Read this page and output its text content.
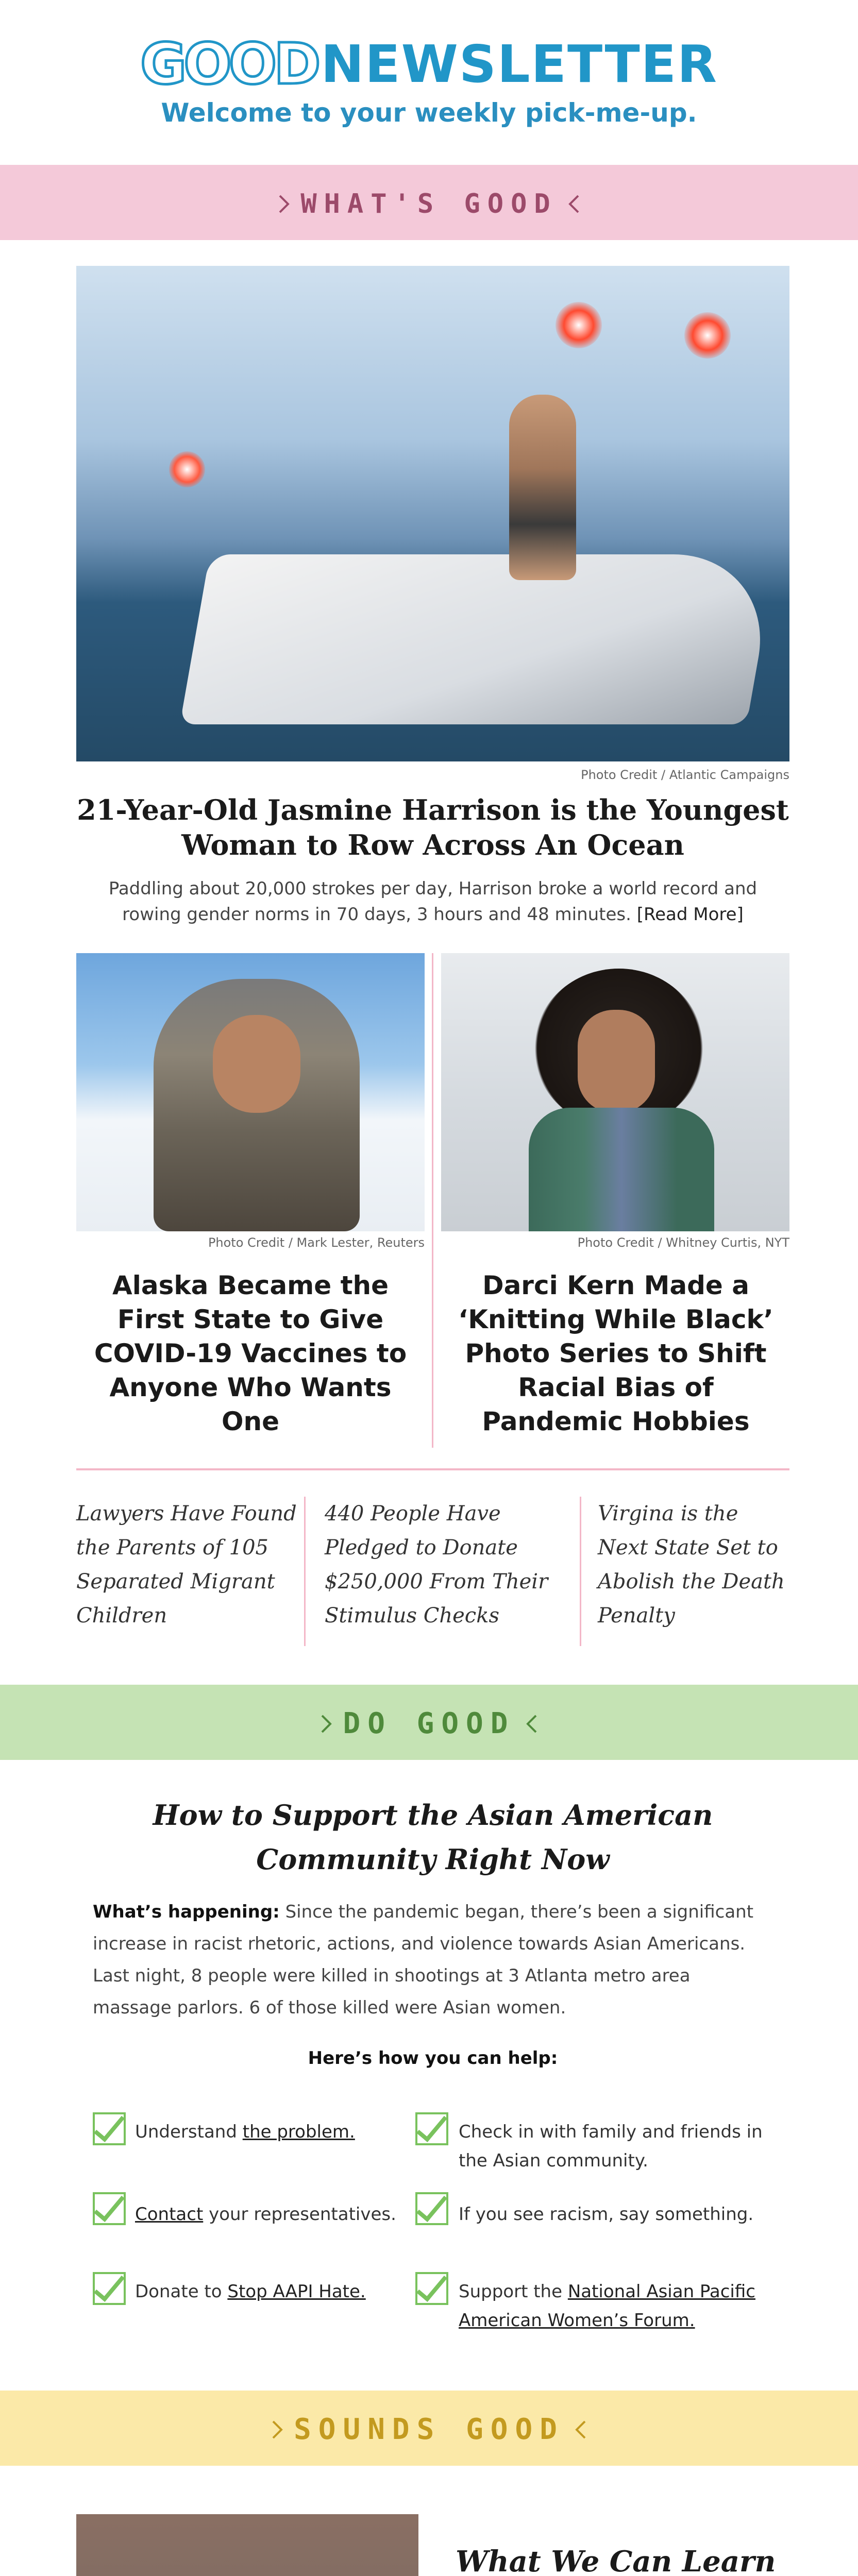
GOODNEWSLETTER
Welcome to your weekly pick-me-up.
WHAT'S GOOD
Photo Credit / Atlantic Campaigns
21-Year-Old Jasmine Harrison is the Youngest Woman to Row Across An Ocean
Paddling about 20,000 strokes per day, Harrison broke a world record and rowing gender norms in 70 days, 3 hours and 48 minutes. [Read More]
Photo Credit / Mark Lester, Reuters
Alaska Became the First State to Give COVID-19 Vaccines to Anyone Who Wants One
Photo Credit / Whitney Curtis, NYT
Darci Kern Made a ‘Knitting While Black’ Photo Series to Shift Racial Bias of Pandemic Hobbies
Lawyers Have Found the Parents of 105 Separated Migrant Children
440 People Have Pledged to Donate $250,000 From Their Stimulus Checks
Virgina is the Next State Set to Abolish the Death Penalty
DO GOOD
How to Support the Asian American Community Right Now
What’s happening: Since the pandemic began, there’s been a significant increase in racist rhetoric, actions, and violence towards Asian Americans. Last night, 8 people were killed in shootings at 3 Atlanta metro area massage parlors. 6 of those killed were Asian women.
Here’s how you can help:
Understand the problem.	Check in with family and friends in the Asian community.
Contact your representatives.	If you see racism, say something.
Donate to Stop AAPI Hate.	Support the National Asian Pacific American Women’s Forum.
SOUNDS GOOD
What We Can Learn
